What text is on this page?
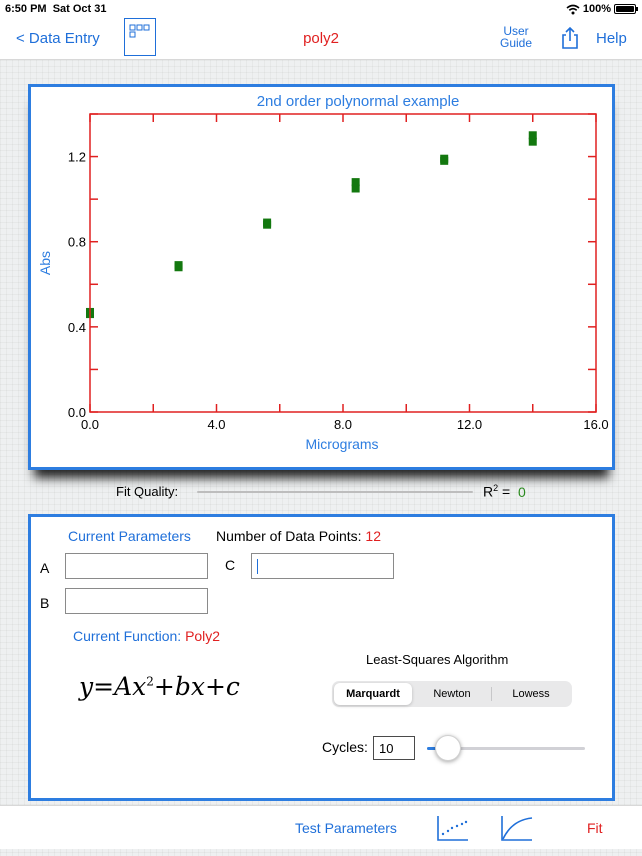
6:50 PM Sat Oct 31	100%
< Data Entry	poly2	User
Guide	Help
2nd order polynormal example
Micrograms
Abs
0.0	4.0	8.0	12.0	16.0
0.0
0.4
0.8
1.2
Fit Quality:	$R^2 = 0$
Current Parameters Number of Data Points: 12
A	C
B
Current Function: Poly2
$y=Ax^2+bx+c$
Least-Squares Algorithm
Marquardt	Newton	Lowess
Cycles: 10
Test Parameters	Fit
